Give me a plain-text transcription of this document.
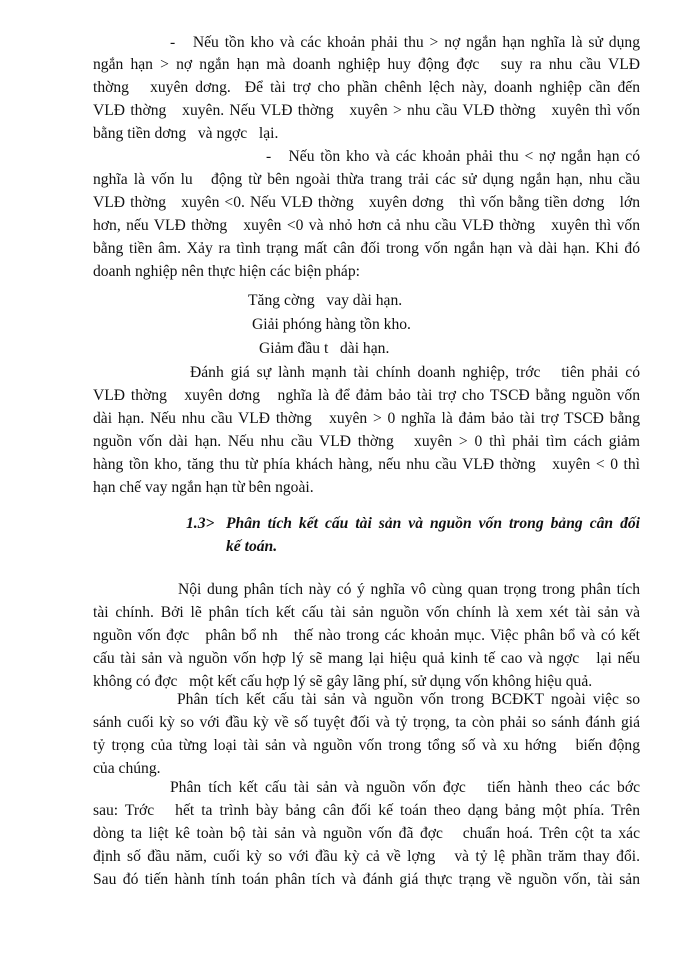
-   Nếu tồn kho và các khoản phải thu > nợ ngắn hạn nghĩa là sử dụng
ngắn hạn > nợ ngắn hạn mà doanh nghiệp huy động đợc   suy ra nhu cầu VLĐ
thờng   xuyên dơng.  Để tài trợ cho phần chênh lệch này, doanh nghiệp cần đến
VLĐ thờng   xuyên. Nếu VLĐ thờng   xuyên > nhu cầu VLĐ thờng   xuyên thì vốn
bằng tiền dơng   và ngợc   lại.
-   Nếu tồn kho và các khoản phải thu < nợ ngắn hạn có
nghĩa là vốn lu   động từ bên ngoài thừa trang trải các sử dụng ngắn hạn, nhu cầu
VLĐ thờng   xuyên <0. Nếu VLĐ thờng   xuyên dơng   thì vốn bằng tiền dơng   lớn
hơn, nếu VLĐ thờng   xuyên <0 và nhỏ hơn cả nhu cầu VLĐ thờng   xuyên thì vốn
bằng tiền âm. Xảy ra tình trạng mất cân đối trong vốn ngắn hạn và dài hạn. Khi đó
doanh nghiệp nên thực hiện các biện pháp:
Tăng cờng   vay dài hạn.
Giải phóng hàng tồn kho.
Giảm đầu t   dài hạn.
Đánh giá sự lành mạnh tài chính doanh nghiệp, trớc   tiên phải có
VLĐ thờng   xuyên dơng   nghĩa là để đảm bảo tài trợ cho TSCĐ bằng nguồn vốn
dài hạn. Nếu nhu cầu VLĐ thờng   xuyên > 0 nghĩa là đảm bảo tài trợ TSCĐ bằng
nguồn vốn dài hạn. Nếu nhu cầu VLĐ thờng   xuyên > 0 thì phải tìm cách giảm
hàng tồn kho, tăng thu từ phía khách hàng, nếu nhu cầu VLĐ thờng   xuyên < 0 thì
hạn chế vay ngắn hạn từ bên ngoài.
1.3> Phân tích kết cấu tài sản và nguồn vốn trong bảng cân đối
kế toán.
Nội dung phân tích này có ý nghĩa vô cùng quan trọng trong phân tích
tài chính. Bởi lẽ phân tích kết cấu tài sản nguồn vốn chính là xem xét tài sản và
nguồn vốn đợc   phân bổ nh   thế nào trong các khoản mục. Việc phân bổ và có kết
cấu tài sản và nguồn vốn hợp lý sẽ mang lại hiệu quả kinh tế cao và ngợc   lại nếu
không có đợc   một kết cấu hợp lý sẽ gây lãng phí, sử dụng vốn không hiệu quả.
Phân tích kết cấu tài sản và nguồn vốn trong BCĐKT ngoài việc so
sánh cuối kỳ so với đầu kỳ về số tuyệt đối và tỷ trọng, ta còn phải so sánh đánh giá
tỷ trọng của từng loại tài sản và nguồn vốn trong tổng số và xu hớng   biến động
của chúng.
Phân tích kết cấu tài sản và nguồn vốn đợc   tiến hành theo các bớc
sau: Trớc   hết ta trình bày bảng cân đối kế toán theo dạng bảng một phía. Trên
dòng ta liệt kê toàn bộ tài sản và nguồn vốn đã đợc   chuẩn hoá. Trên cột ta xác
định số đầu năm, cuối kỳ so với đầu kỳ cả về lợng   và tỷ lệ phần trăm thay đổi.
Sau đó tiến hành tính toán phân tích và đánh giá thực trạng về nguồn vốn, tài sản
